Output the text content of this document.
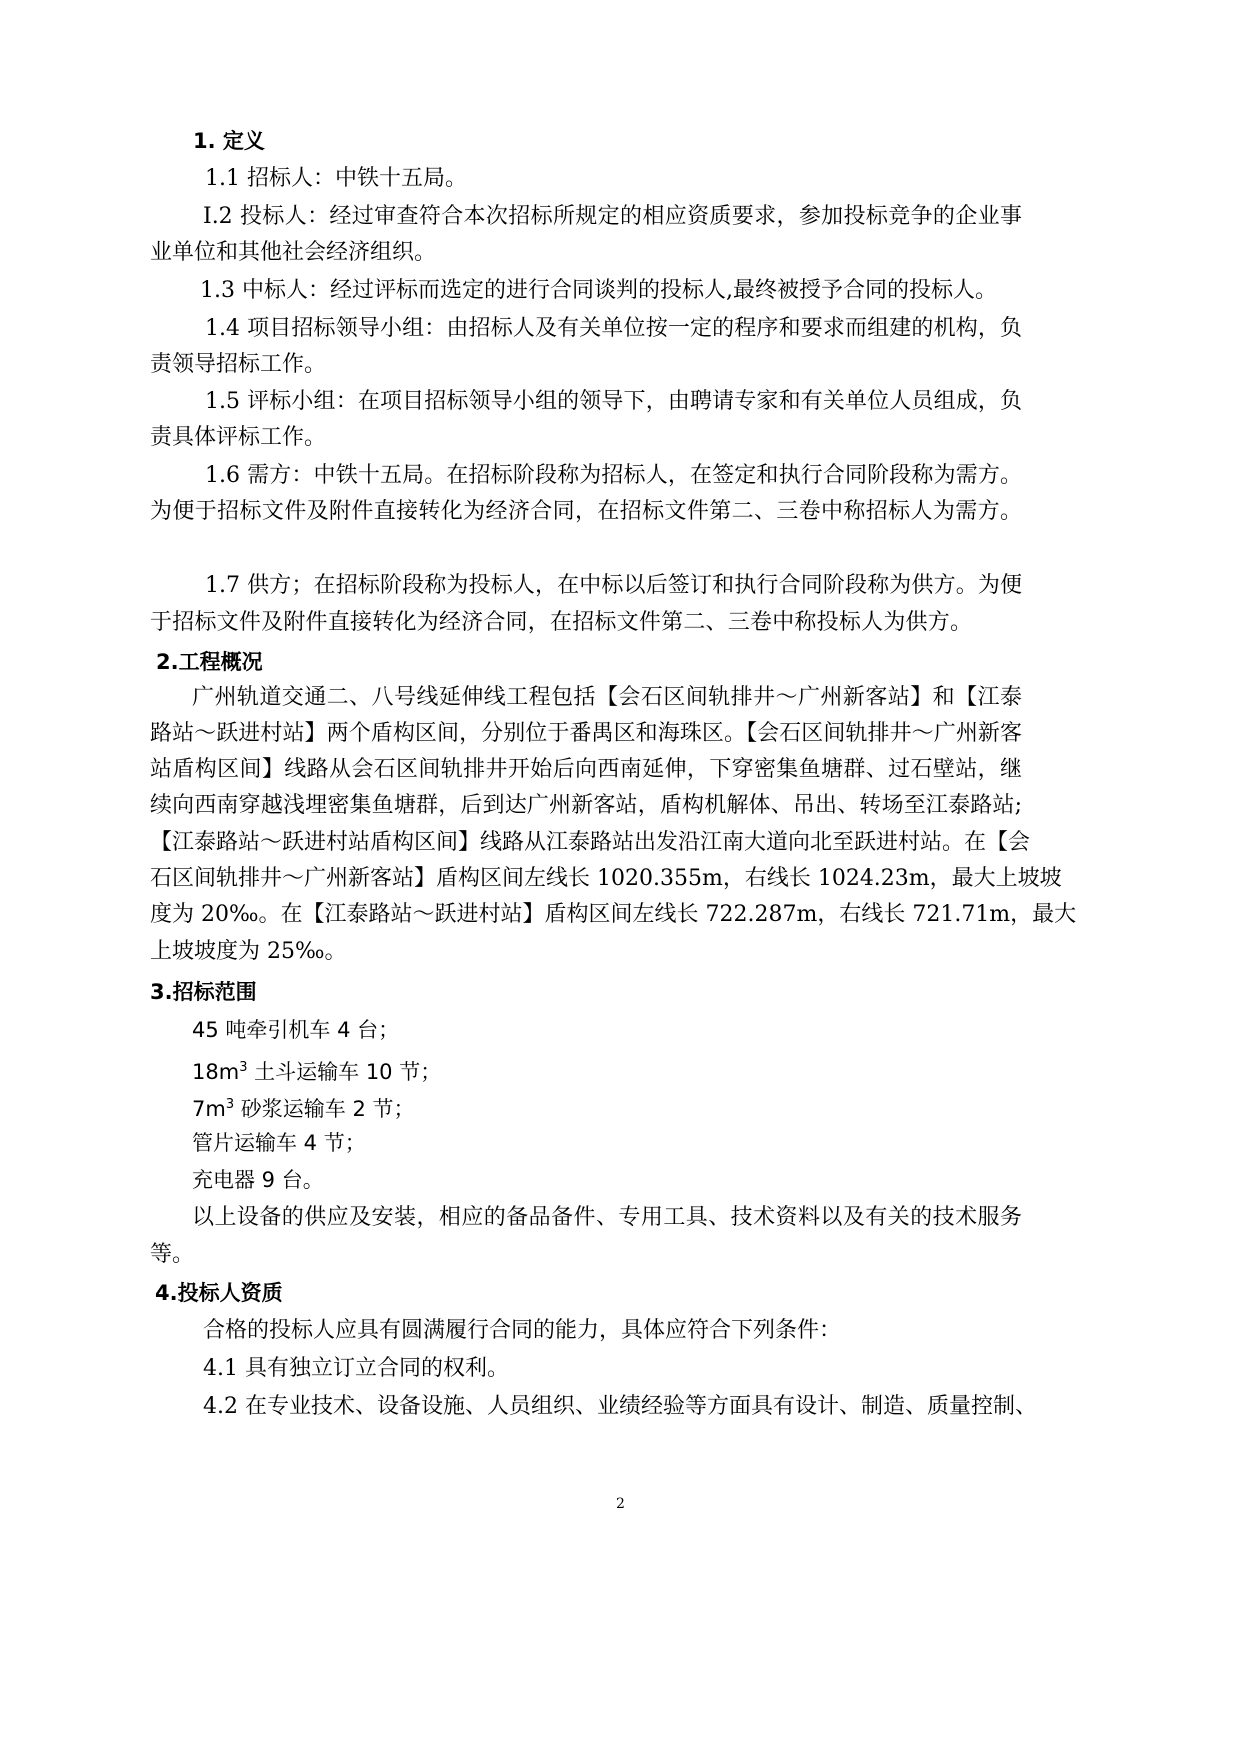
1. 定义

1.1 招标人：中铁十五局。

I.2 投标人：经过审查符合本次招标所规定的相应资质要求，参加投标竞争的企业事

业单位和其他社会经济组织。

1.3 中标人：经过评标而选定的进行合同谈判的投标人,最终被授予合同的投标人。

1.4 项目招标领导小组：由招标人及有关单位按一定的程序和要求而组建的机构，负

责领导招标工作。

1.5 评标小组：在项目招标领导小组的领导下，由聘请专家和有关单位人员组成，负

责具体评标工作。

1.6 需方：中铁十五局。在招标阶段称为招标人，在签定和执行合同阶段称为需方。

为便于招标文件及附件直接转化为经济合同，在招标文件第二、三卷中称招标人为需方。

1.7 供方；在招标阶段称为投标人，在中标以后签订和执行合同阶段称为供方。为便

于招标文件及附件直接转化为经济合同，在招标文件第二、三卷中称投标人为供方。

2.工程概况

广州轨道交通二、八号线延伸线工程包括【会石区间轨排井～广州新客站】和【江泰

路站～跃进村站】两个盾构区间，分别位于番禺区和海珠区。【会石区间轨排井～广州新客

站盾构区间】线路从会石区间轨排井开始后向西南延伸，下穿密集鱼塘群、过石壁站，继

续向西南穿越浅埋密集鱼塘群，后到达广州新客站，盾构机解体、吊出、转场至江泰路站;

【江泰路站～跃进村站盾构区间】线路从江泰路站出发沿江南大道向北至跃进村站。在【会

石区间轨排井～广州新客站】盾构区间左线长 1020.355m，右线长 1024.23m，最大上坡坡

度为 20‰。在【江泰路站～跃进村站】盾构区间左线长 722.287m，右线长 721.71m，最大

上坡坡度为 25‰。

3.招标范围

45 吨牵引机车 4 台；

$18m^3$ 土斗运输车 10 节；

$7m^3$ 砂浆运输车 2 节；

管片运输车 4 节；

充电器 9 台。

以上设备的供应及安装，相应的备品备件、专用工具、技术资料以及有关的技术服务

等。

4.投标人资质

合格的投标人应具有圆满履行合同的能力，具体应符合下列条件：

4.1 具有独立订立合同的权利。

4.2 在专业技术、设备设施、人员组织、业绩经验等方面具有设计、制造、质量控制、

2
